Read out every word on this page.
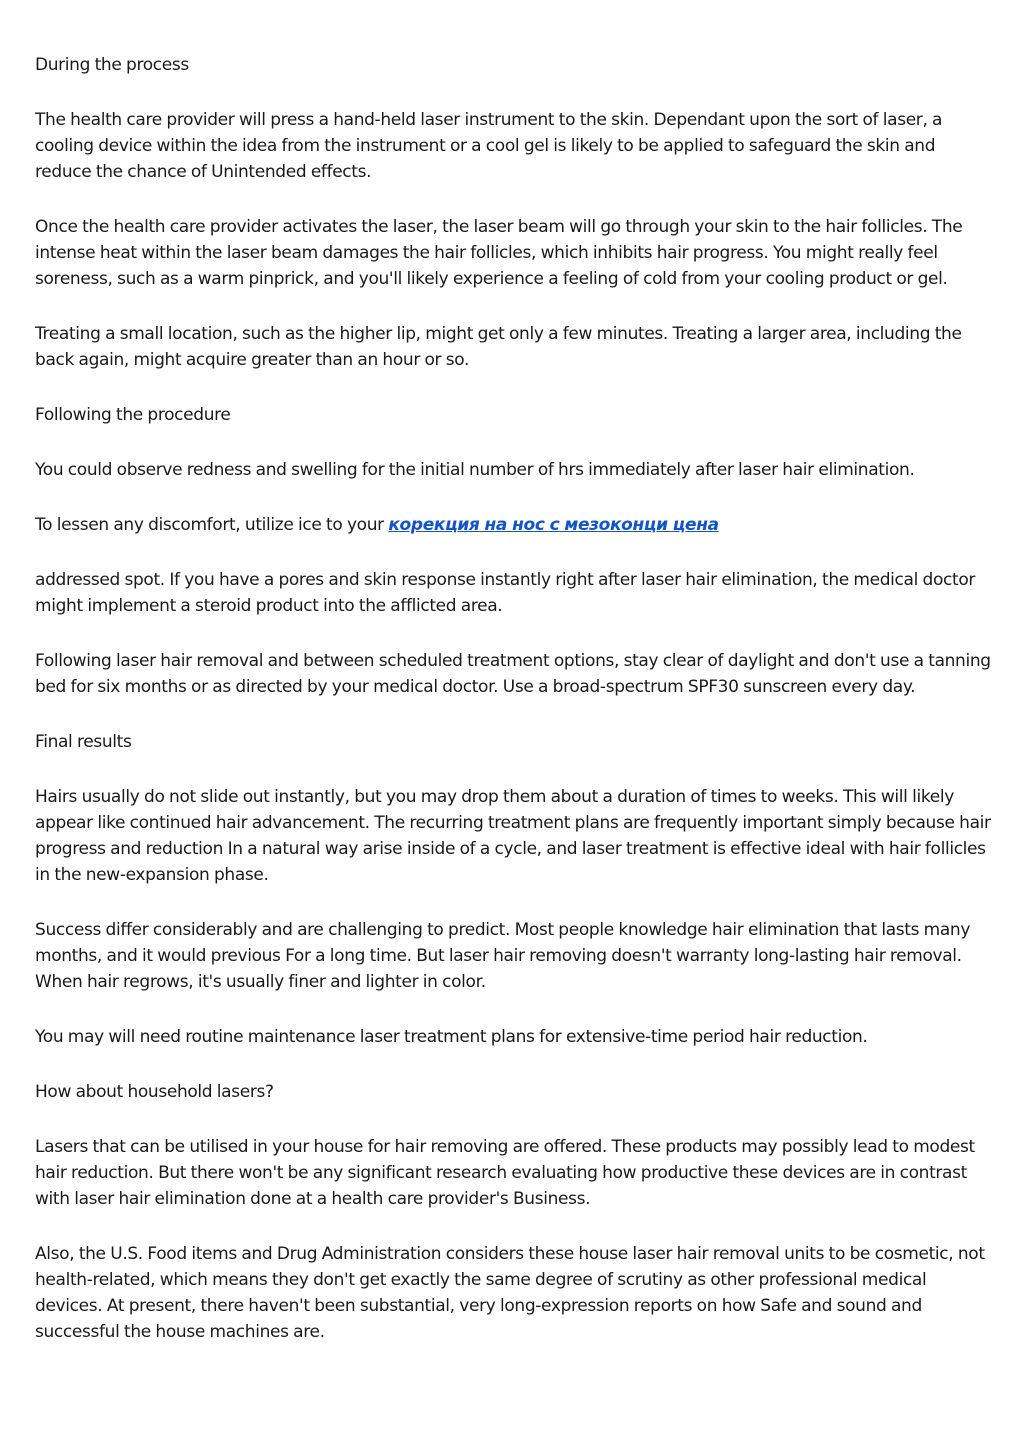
During the process

The health care provider will press a hand-held laser instrument to the skin. Dependant upon the sort of laser, a cooling device within the idea from the instrument or a cool gel is likely to be applied to safeguard the skin and reduce the chance of Unintended effects.

Once the health care provider activates the laser, the laser beam will go through your skin to the hair follicles. The intense heat within the laser beam damages the hair follicles, which inhibits hair progress. You might really feel soreness, such as a warm pinprick, and you'll likely experience a feeling of cold from your cooling product or gel.

Treating a small location, such as the higher lip, might get only a few minutes. Treating a larger area, including the back again, might acquire greater than an hour or so.

Following the procedure

You could observe redness and swelling for the initial number of hrs immediately after laser hair elimination.

To lessen any discomfort, utilize ice to your корекция на нос с мезоконци цена

addressed spot. If you have a pores and skin response instantly right after laser hair elimination, the medical doctor might implement a steroid product into the afflicted area.

Following laser hair removal and between scheduled treatment options, stay clear of daylight and don't use a tanning bed for six months or as directed by your medical doctor. Use a broad-spectrum SPF30 sunscreen every day.

Final results

Hairs usually do not slide out instantly, but you may drop them about a duration of times to weeks. This will likely appear like continued hair advancement. The recurring treatment plans are frequently important simply because hair progress and reduction In a natural way arise inside of a cycle, and laser treatment is effective ideal with hair follicles in the new-expansion phase.

Success differ considerably and are challenging to predict. Most people knowledge hair elimination that lasts many months, and it would previous For a long time. But laser hair removing doesn't warranty long-lasting hair removal. When hair regrows, it's usually finer and lighter in color.

You may will need routine maintenance laser treatment plans for extensive-time period hair reduction.

How about household lasers?

Lasers that can be utilised in your house for hair removing are offered. These products may possibly lead to modest hair reduction. But there won't be any significant research evaluating how productive these devices are in contrast with laser hair elimination done at a health care provider's Business.

Also, the U.S. Food items and Drug Administration considers these house laser hair removal units to be cosmetic, not health-related, which means they don't get exactly the same degree of scrutiny as other professional medical devices. At present, there haven't been substantial, very long-expression reports on how Safe and sound and successful the house machines are.
